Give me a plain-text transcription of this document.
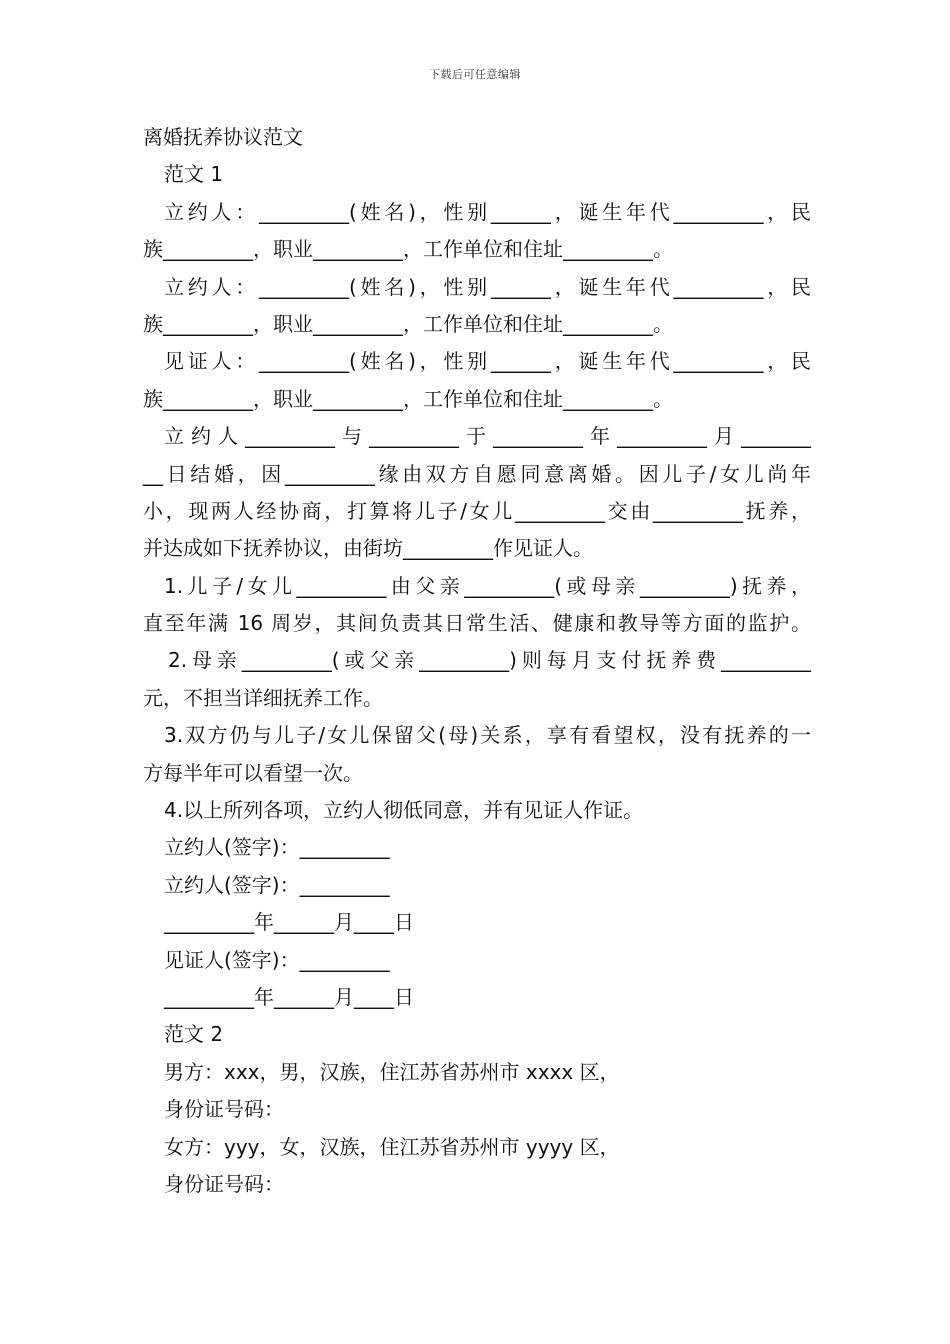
下载后可任意编辑
离婚抚养协议范文
范文 1
立约人：_________(姓名)，性别______，诞生年代_________，民
族_________，职业_________，工作单位和住址_________。
立约人：_________(姓名)，性别______，诞生年代_________，民
族_________，职业_________，工作单位和住址_________。
见证人：_________(姓名)，性别______，诞生年代_________，民
族_________，职业_________，工作单位和住址_________。
立约人_________与_________于_________年_________月_______
__日结婚，因_________缘由双方自愿同意离婚。因儿子/女儿尚年
小，现两人经协商，打算将儿子/女儿_________交由_________抚养，
并达成如下抚养协议，由街坊_________作见证人。
1.儿子/女儿_________由父亲_________(或母亲_________)抚养，
直至年满 16 周岁，其间负责其日常生活、健康和教导等方面的监护。
2.母亲_________(或父亲_________)则每月支付抚养费_________
元，不担当详细抚养工作。
3.双方仍与儿子/女儿保留父(母)关系，享有看望权，没有抚养的一
方每半年可以看望一次。
4.以上所列各项，立约人彻低同意，并有见证人作证。
立约人(签字)：_________
立约人(签字)：_________
_________年______月____日
见证人(签字)：_________
_________年______月____日
范文 2
男方：xxx，男，汉族，住江苏省苏州市 xxxx 区，
身份证号码：
女方：yyy，女，汉族，住江苏省苏州市 yyyy 区，
身份证号码：
